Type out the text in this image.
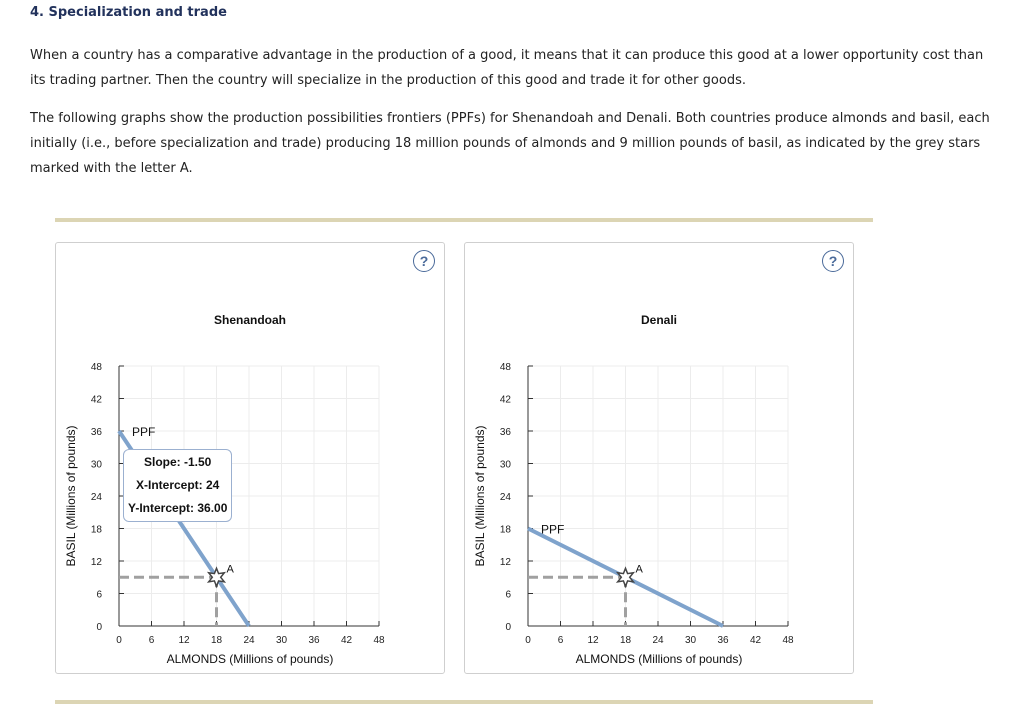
4. Specialization and trade
When a country has a comparative advantage in the production of a good, it means that it can produce this good at a lower opportunity cost than its trading partner. Then the country will specialize in the production of this good and trade it for other goods.
The following graphs show the production possibilities frontiers (PPFs) for Shenandoah and Denali. Both countries produce almonds and basil, each initially (i.e., before specialization and trade) producing 18 million pounds of almonds and 9 million pounds of basil, as indicated by the grey stars marked with the letter A.
?
0	6 12 18 24 30 36 42 48
0
6
12
18
24
30
36
42
48
Shenandoah
ALMONDS (Millions of pounds)
BASIL (Millions of pounds)	PPF
A
Slope: -1.50
X-Intercept: 24
Y-Intercept: 36.00
?
0	6 12 18 24 30 36 42 48
0
6
12
18
24
30
36
42
48
Denali
ALMONDS (Millions of pounds)
BASIL (Millions of pounds)	PPF
A
